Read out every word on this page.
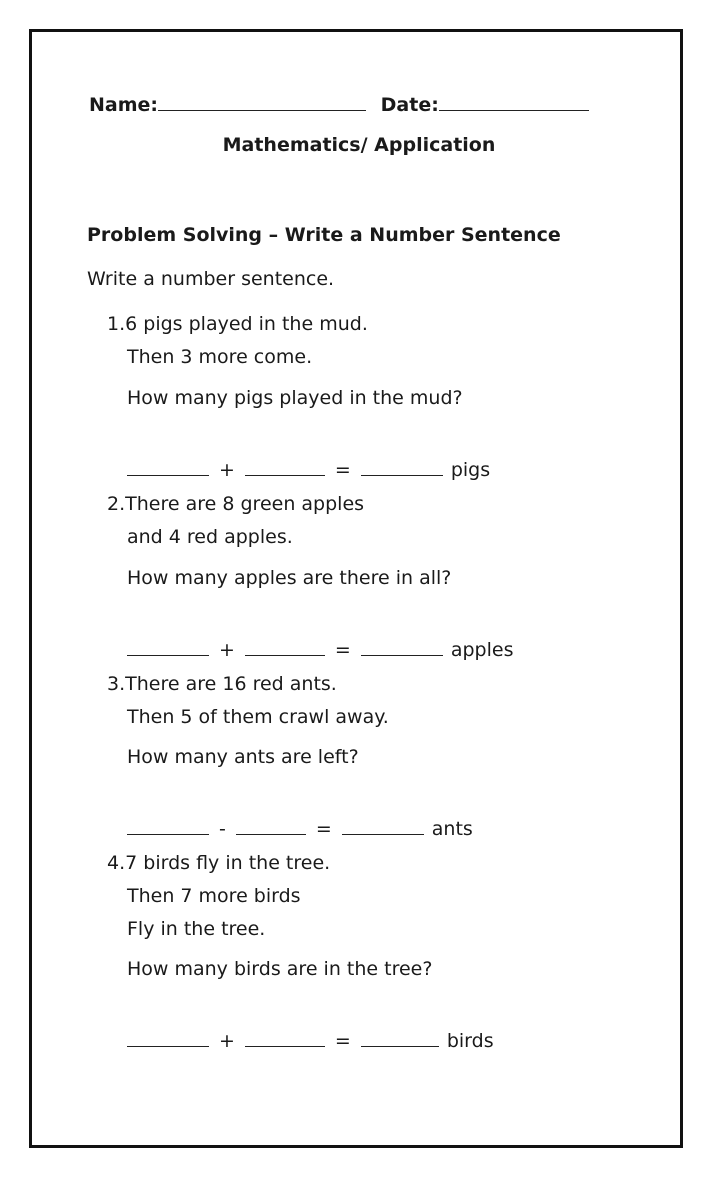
Name:	Date:
Mathematics/ Application
Problem Solving – Write a Number Sentence
Write a number sentence.
1.6 pigs played in the mud.
Then 3 more come.
How many pigs played in the mud?
+	=	pigs
2.There are 8 green apples
and 4 red apples.
How many apples are there in all?
+	=	apples
3.There are 16 red ants.
Then 5 of them crawl away.
How many ants are left?
-	=	ants
4.7 birds fly in the tree.
Then 7 more birds
Fly in the tree.
How many birds are in the tree?
+	=	birds
